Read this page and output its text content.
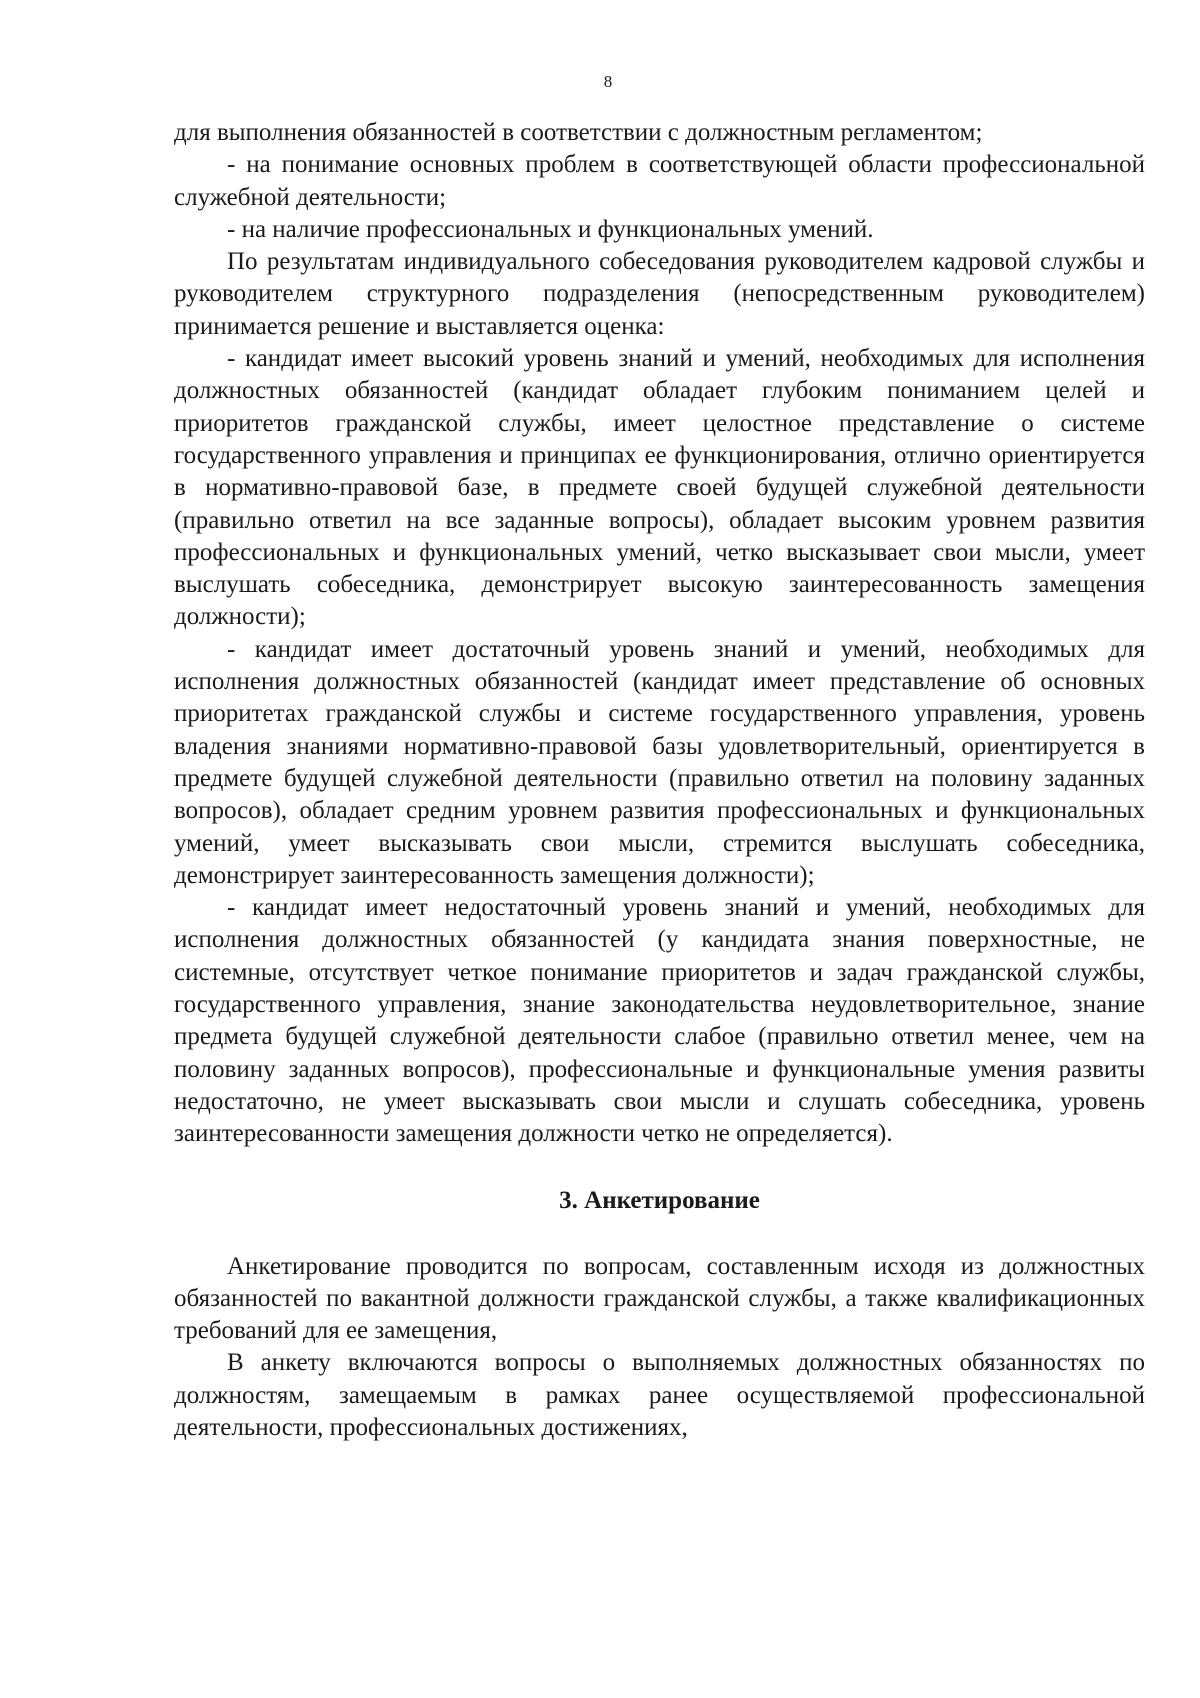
8

для выполнения обязанностей в соответствии с должностным регламентом;

- на понимание основных проблем в соответствующей области профессиональной служебной деятельности;

- на наличие профессиональных и функциональных умений.

По результатам индивидуального собеседования руководителем кадровой службы и руководителем структурного подразделения (непосредственным руководителем) принимается решение и выставляется оценка:

- кандидат имеет высокий уровень знаний и умений, необходимых для исполнения должностных обязанностей (кандидат обладает глубоким пониманием целей и приоритетов гражданской службы, имеет целостное представление о системе государственного управления и принципах ее функционирования, отлично ориентируется в нормативно-правовой базе, в предмете своей будущей служебной деятельности (правильно ответил на все заданные вопросы), обладает высоким уровнем развития профессиональных и функциональных умений, четко высказывает свои мысли, умеет выслушать собеседника, демонстрирует высокую заинтересованность замещения должности);

- кандидат имеет достаточный уровень знаний и умений, необходимых для исполнения должностных обязанностей (кандидат имеет представление об основных приоритетах гражданской службы и системе государственного управления, уровень владения знаниями нормативно-правовой базы удовлетворительный, ориентируется в предмете будущей служебной деятельности (правильно ответил на половину заданных вопросов), обладает средним уровнем развития профессиональных и функциональных умений, умеет высказывать свои мысли, стремится выслушать собеседника, демонстрирует заинтересованность замещения должности);

- кандидат имеет недостаточный уровень знаний и умений, необходимых для исполнения должностных обязанностей (у кандидата знания поверхностные, не системные, отсутствует четкое понимание приоритетов и задач гражданской службы, государственного управления, знание законодательства неудовлетворительное, знание предмета будущей служебной деятельности слабое (правильно ответил менее, чем на половину заданных вопросов), профессиональные и функциональные умения развиты недостаточно, не умеет высказывать свои мысли и слушать собеседника, уровень заинтересованности замещения должности четко не определяется).

3. Анкетирование

Анкетирование проводится по вопросам, составленным исходя из должностных обязанностей по вакантной должности гражданской службы, а также квалификационных требований для ее замещения,

В анкету включаются вопросы о выполняемых должностных обязанностях по должностям, замещаемым в рамках ранее осуществляемой профессиональной деятельности, профессиональных достижениях,
